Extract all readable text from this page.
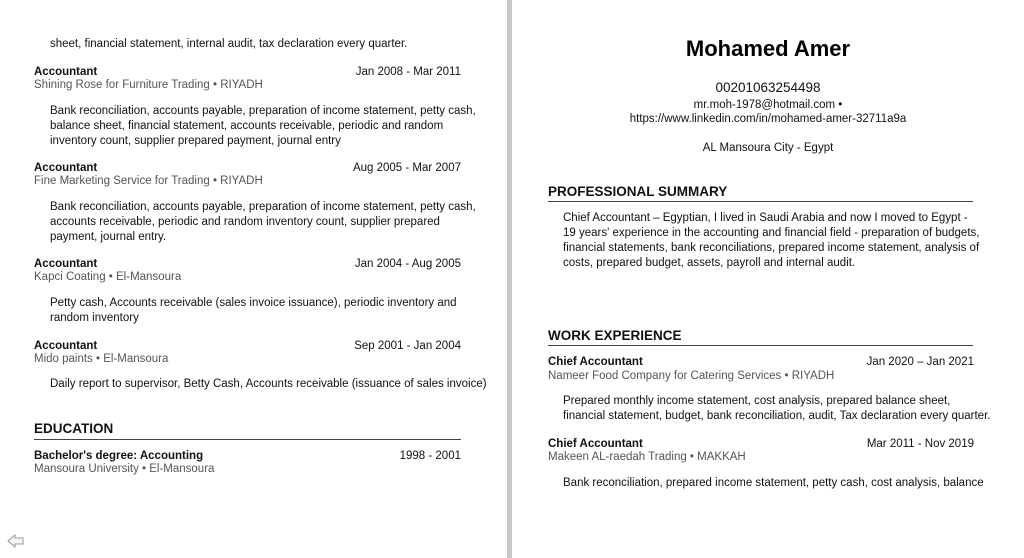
sheet, financial statement, internal audit, tax declaration every quarter.
Accountant	Jan 2008 - Mar 2011
Shining Rose for Furniture Trading • RIYADH
Bank reconciliation, accounts payable, preparation of income statement, petty cash, balance sheet, financial statement, accounts receivable, periodic and random inventory count, supplier prepared payment, journal entry
Accountant	Aug 2005 - Mar 2007
Fine Marketing Service for Trading • RIYADH
Bank reconciliation, accounts payable, preparation of income statement, petty cash, accounts receivable, periodic and random inventory count, supplier prepared payment, journal entry.
Accountant	Jan 2004 - Aug 2005
Kapci Coating • El-Mansoura
Petty cash, Accounts receivable (sales invoice issuance), periodic inventory and random inventory
Accountant	Sep 2001 - Jan 2004
Mido paints • El-Mansoura
Daily report to supervisor, Betty Cash, Accounts receivable (issuance of sales invoice)
EDUCATION
Bachelor's degree: Accounting	1998 - 2001
Mansoura University • El-Mansoura
Mohamed Amer
00201063254498
mr.moh-1978@hotmail.com •
https://www.linkedin.com/in/mohamed-amer-32711a9a
AL Mansoura City - Egypt
PROFESSIONAL SUMMARY
Chief Accountant – Egyptian, I lived in Saudi Arabia and now I moved to Egypt - 19 years' experience in the accounting and financial field - preparation of budgets, financial statements, bank reconciliations, prepared income statement, analysis of costs, prepared budget, assets, payroll and internal audit.
WORK EXPERIENCE
Chief Accountant	Jan 2020 – Jan 2021
Nameer Food Company for Catering Services • RIYADH
Prepared monthly income statement, cost analysis, prepared balance sheet, financial statement, budget, bank reconciliation, audit, Tax declaration every quarter.
Chief Accountant	Mar 2011 - Nov 2019
Makeen AL-raedah Trading • MAKKAH
Bank reconciliation, prepared income statement, petty cash, cost analysis, balance
